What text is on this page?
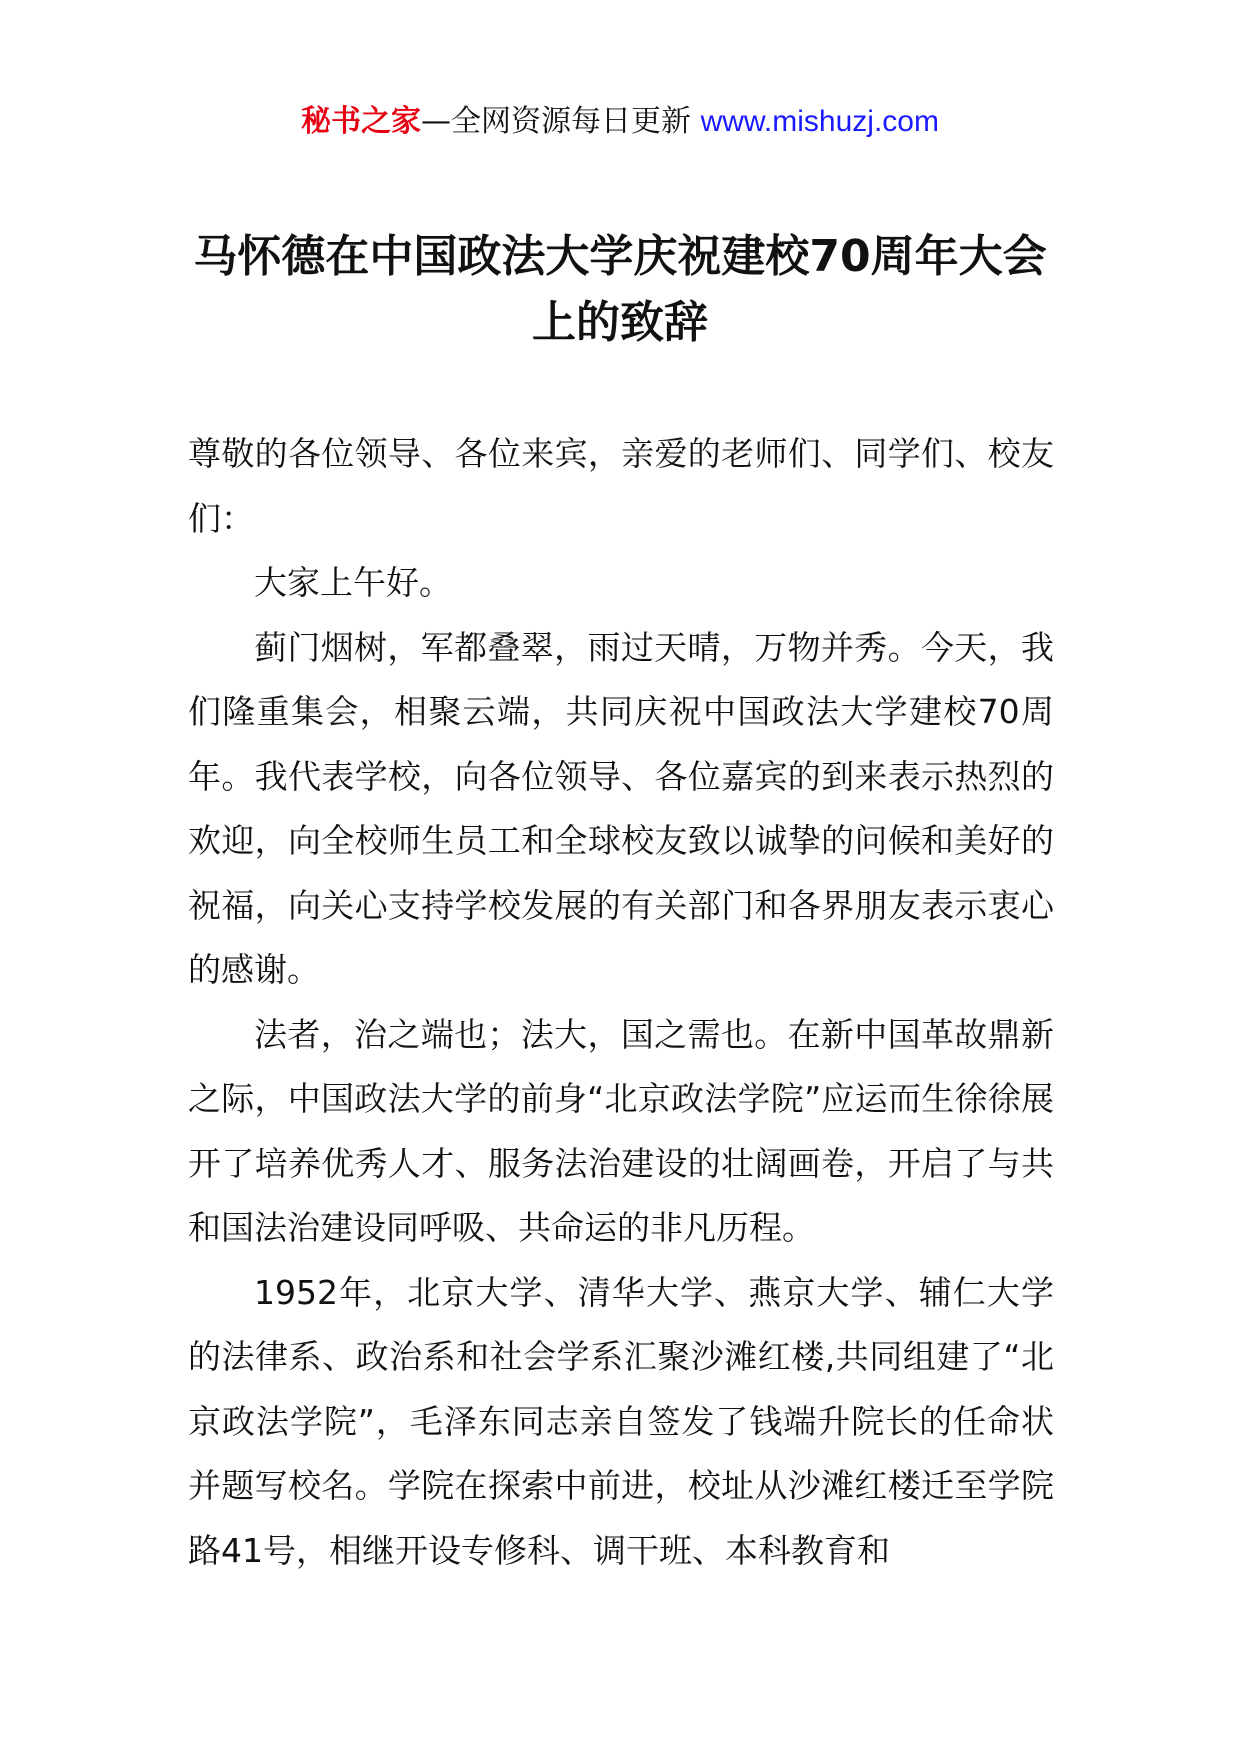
秘书之家—全网资源每日更新 www.mishuzj.com
马怀德在中国政法大学庆祝建校70周年大会上的致辞

尊敬的各位领导、各位来宾，亲爱的老师们、同学们、校友们：

大家上午好。

蓟门烟树，军都叠翠，雨过天晴，万物并秀。今天，我们隆重集会，相聚云端，共同庆祝中国政法大学建校70周年。我代表学校，向各位领导、各位嘉宾的到来表示热烈的欢迎，向全校师生员工和全球校友致以诚挚的问候和美好的祝福，向关心支持学校发展的有关部门和各界朋友表示衷心的感谢。

法者，治之端也；法大，国之需也。在新中国革故鼎新之际，中国政法大学的前身“北京政法学院”应运而生徐徐展开了培养优秀人才、服务法治建设的壮阔画卷，开启了与共和国法治建设同呼吸、共命运的非凡历程。

1952年，北京大学、清华大学、燕京大学、辅仁大学的法律系、政治系和社会学系汇聚沙滩红楼,共同组建了“北京政法学院”，毛泽东同志亲自签发了钱端升院长的任命状并题写校名。学院在探索中前进，校址从沙滩红楼迁至学院路41号，相继开设专修科、调干班、本科教育和
